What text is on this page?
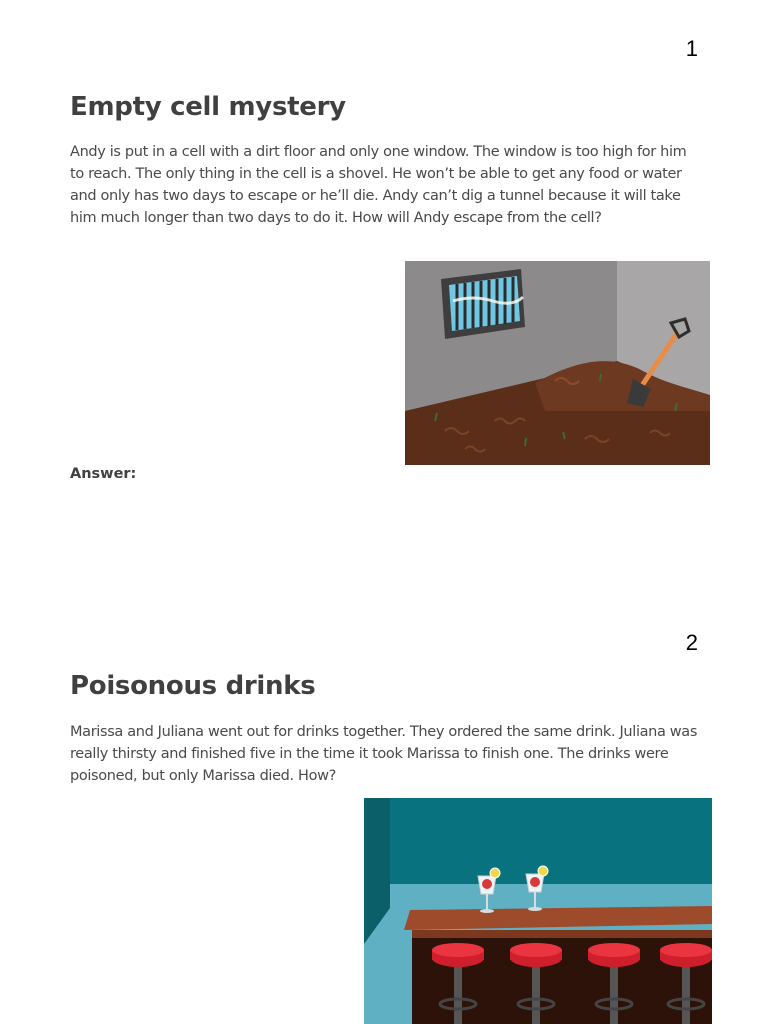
1
Empty cell mystery

Andy is put in a cell with a dirt floor and only one window. The window is too high for him to reach. The only thing in the cell is a shovel. He won’t be able to get any food or water and only has two days to escape or he’ll die. Andy can’t dig a tunnel because it will take him much longer than two days to do it. How will Andy escape from the cell?

Answer:
2
Poisonous drinks

Marissa and Juliana went out for drinks together. They ordered the same drink. Juliana was really thirsty and finished five in the time it took Marissa to finish one. The drinks were poisoned, but only Marissa died. How?
